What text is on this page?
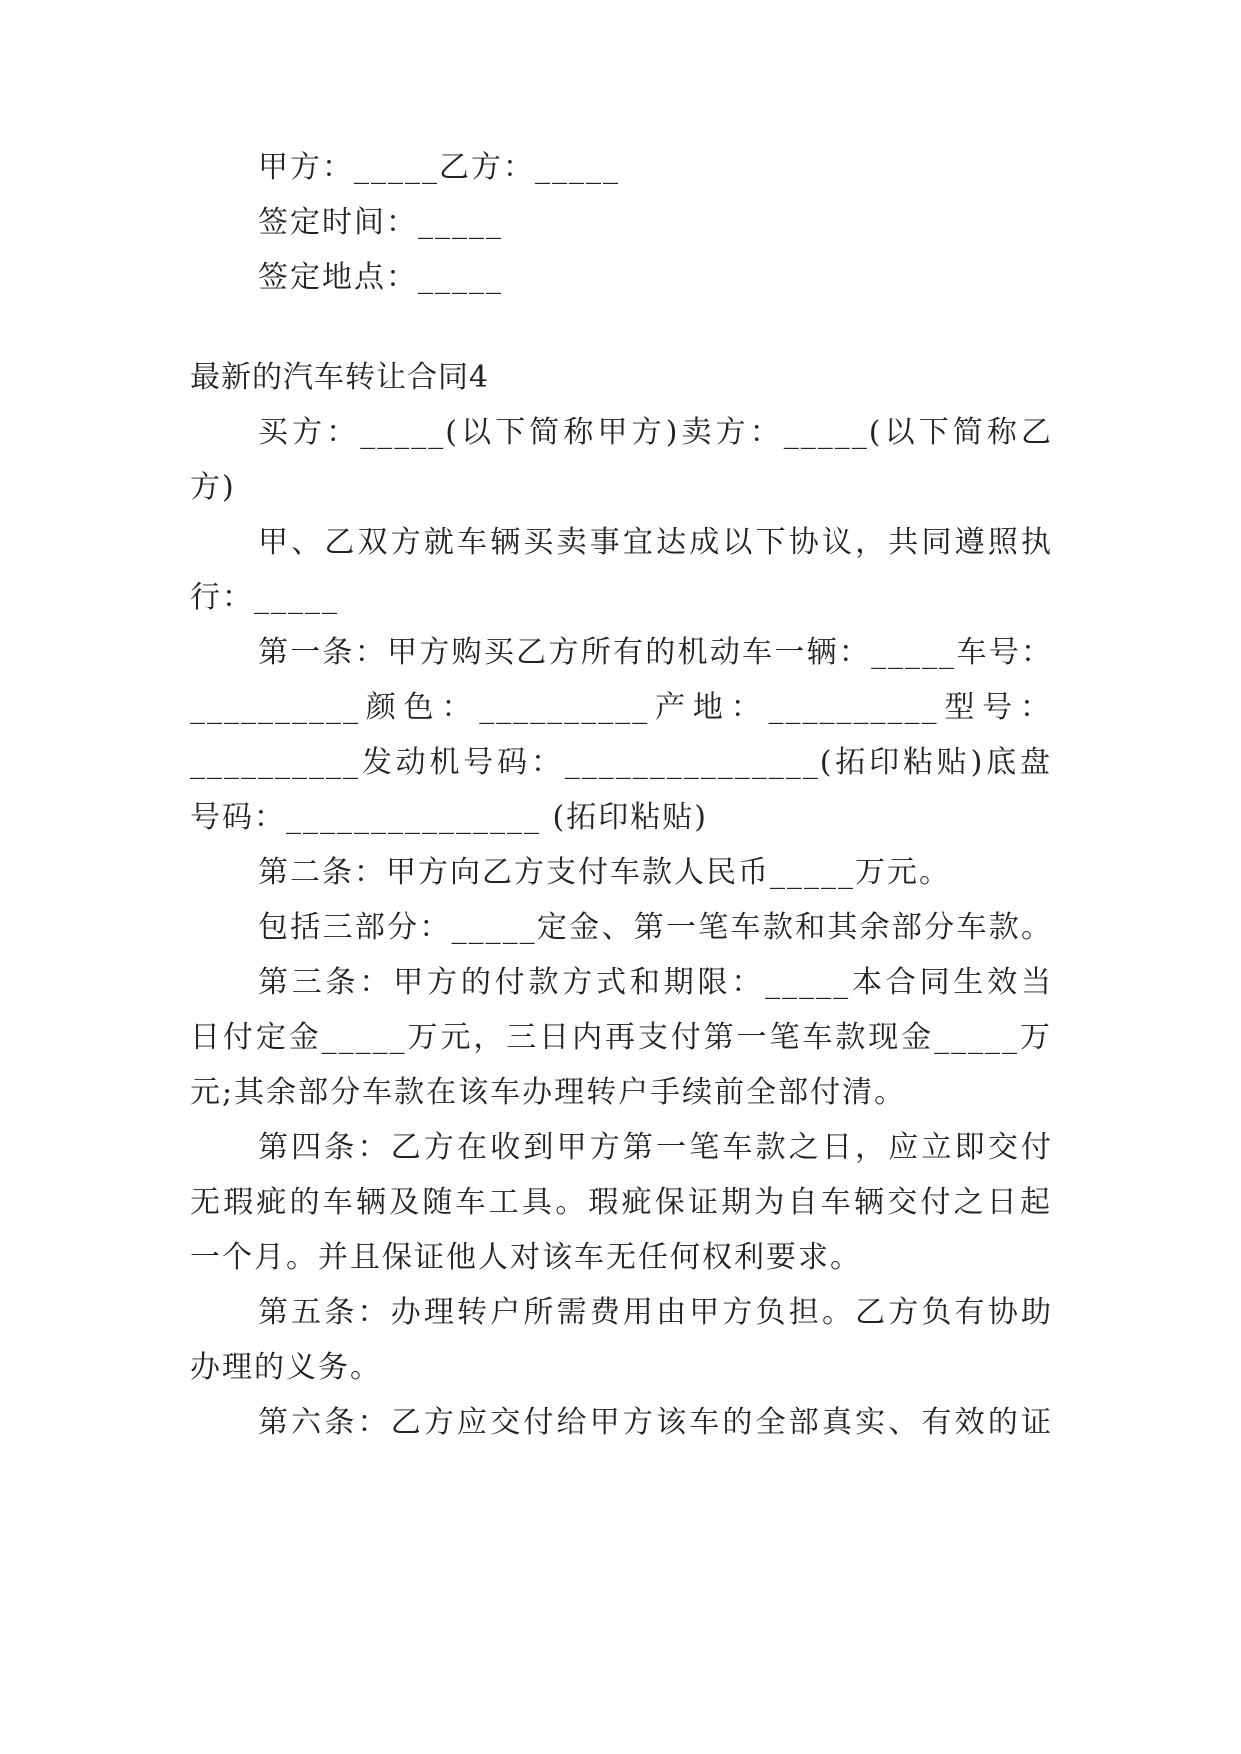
甲方：_____乙方：_____
签定时间：_____
签定地点：_____
最新的汽车转让合同4
买方：_____(以下简称甲方)卖方：_____(以下简称乙
方)
甲、乙双方就车辆买卖事宜达成以下协议，共同遵照执
行：_____
第一条：甲方购买乙方所有的机动车一辆：_____车号：
__________颜色：__________产地：__________型号：
__________发动机号码：_______________(拓印粘贴)底盘
号码：_______________ (拓印粘贴)
第二条：甲方向乙方支付车款人民币_____万元。
包括三部分：_____定金、第一笔车款和其余部分车款。
第三条：甲方的付款方式和期限：_____本合同生效当
日付定金_____万元，三日内再支付第一笔车款现金_____万
元;其余部分车款在该车办理转户手续前全部付清。
第四条：乙方在收到甲方第一笔车款之日，应立即交付
无瑕疵的车辆及随车工具。瑕疵保证期为自车辆交付之日起
一个月。并且保证他人对该车无任何权利要求。
第五条：办理转户所需费用由甲方负担。乙方负有协助
办理的义务。
第六条：乙方应交付给甲方该车的全部真实、有效的证
